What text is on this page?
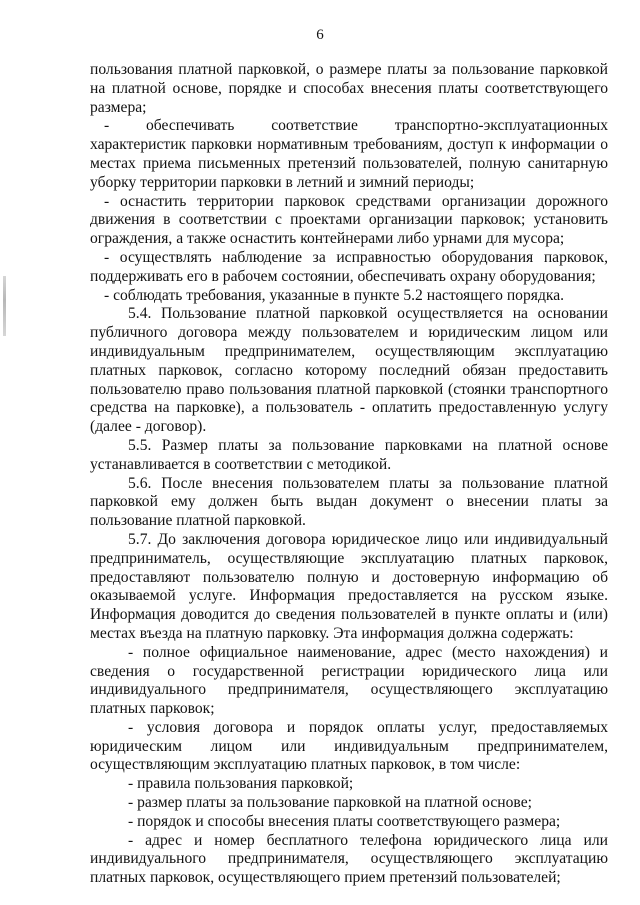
6

пользования платной парковкой, о размере платы за пользование парковкой на платной основе, порядке и способах внесения платы соответствующего размера;

- обеспечивать соответствие транспортно-эксплуатационных характеристик парковки нормативным требованиям, доступ к информации о местах приема письменных претензий пользователей, полную санитарную уборку территории парковки в летний и зимний периоды;

- оснастить территории парковок средствами организации дорожного движения в соответствии с проектами организации парковок; установить ограждения, а также оснастить контейнерами либо урнами для мусора;

- осуществлять наблюдение за исправностью оборудования парковок, поддерживать его в рабочем состоянии, обеспечивать охрану оборудования;

- соблюдать требования, указанные в пункте 5.2 настоящего порядка.

5.4. Пользование платной парковкой осуществляется на основании публичного договора между пользователем и юридическим лицом или индивидуальным предпринимателем, осуществляющим эксплуатацию платных парковок, согласно которому последний обязан предоставить пользователю право пользования платной парковкой (стоянки транспортного средства на парковке), а пользователь - оплатить предоставленную услугу (далее - договор).

5.5. Размер платы за пользование парковками на платной основе устанавливается в соответствии с методикой.

5.6. После внесения пользователем платы за пользование платной парковкой ему должен быть выдан документ о внесении платы за пользование платной парковкой.

5.7. До заключения договора юридическое лицо или индивидуальный предприниматель, осуществляющие эксплуатацию платных парковок, предоставляют пользователю полную и достоверную информацию об оказываемой услуге. Информация предоставляется на русском языке. Информация доводится до сведения пользователей в пункте оплаты и (или) местах въезда на платную парковку. Эта информация должна содержать:

- полное официальное наименование, адрес (место нахождения) и сведения о государственной регистрации юридического лица или индивидуального предпринимателя, осуществляющего эксплуатацию платных парковок;

- условия договора и порядок оплаты услуг, предоставляемых юридическим лицом или индивидуальным предпринимателем, осуществляющим эксплуатацию платных парковок, в том числе:

- правила пользования парковкой;

- размер платы за пользование парковкой на платной основе;

- порядок и способы внесения платы соответствующего размера;

- адрес и номер бесплатного телефона юридического лица или индивидуального предпринимателя, осуществляющего эксплуатацию платных парковок, осуществляющего прием претензий пользователей;
